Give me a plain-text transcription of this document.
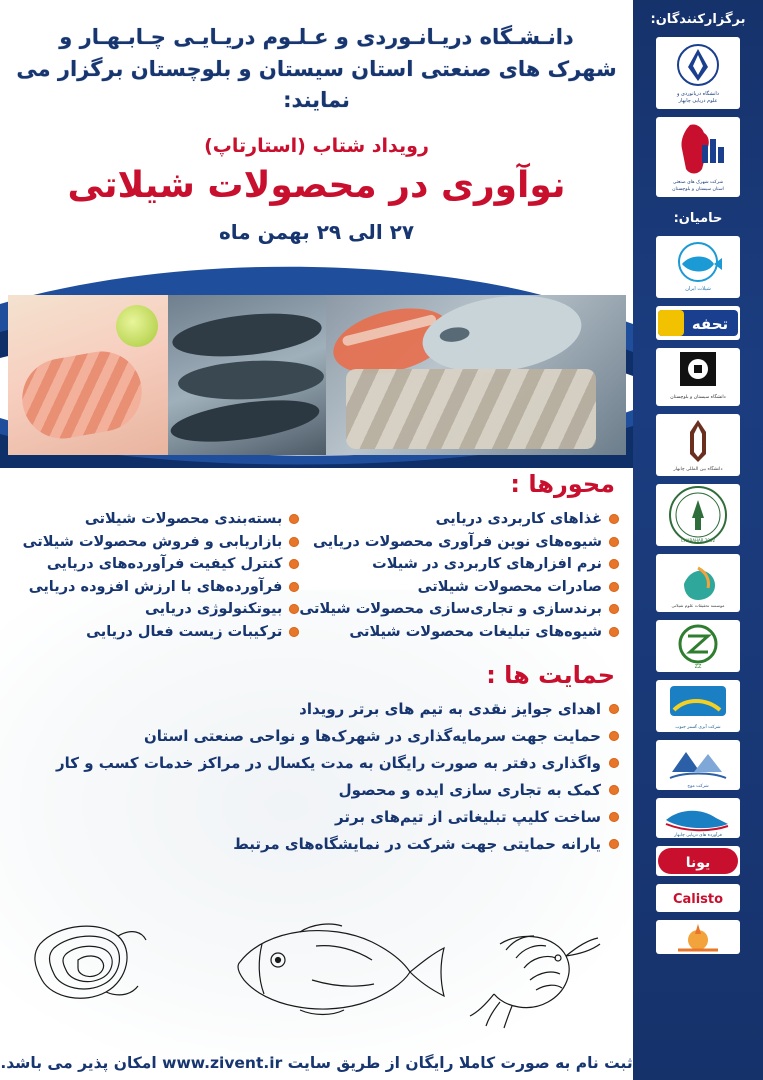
دانـشـگاه دریـانـوردی و عـلـوم دریـایـی چـابـهـار و
شهرک های صنعتی استان سیستان و بلوچستان برگزار می نمایند:
رویداد شتاب (استارتاپ)
نوآوری در محصولات شیلاتی
۲۷ الی ۲۹ بهمن ماه
محورها :
غذاهای کاربردی دریایی
شیوه‌های نوین فرآوری محصولات دریایی
نرم افزارهای کاربردی در شیلات
صادرات محصولات شیلاتی
برندسازی و تجاری‌سازی محصولات شیلاتی
شیوه‌های تبلیغات محصولات شیلاتی
بسته‌بندی محصولات شیلاتی
بازاریابی و فروش محصولات شیلاتی
کنترل کیفیت فرآورده‌های دریایی
فرآورده‌های با ارزش افزوده دریایی
بیوتکنولوژی دریایی
ترکیبات زیست فعال دریایی
حمایت ها :
اهدای جوایز نقدی به تیم های برتر رویداد
حمایت جهت سرمایه‌گذاری در شهرک‌ها و نواحی صنعتی استان
واگذاری دفتر به صورت رایگان به مدت یکسال در مراکز خدمات کسب و کار
کمک به تجاری سازی ایده و محصول
ساخت کلیپ تبلیغاتی از تیم‌های برتر
یارانه حمایتی جهت شرکت در نمایشگاه‌های مرتبط
ثبت نام به صورت کاملا رایگان از طریق سایت www.zivent.ir امکان پذیر می باشد.
برگزارکنندگان:
دانشگاه دریانوردی و
علوم دریایی چابهار
شرکت شهرک های صنعتی
استان سیستان و بلوچستان
حامیان:
شیلات ایران
تحفه
دانشگاه سیستان و بلوچستان
دانشگاه بین المللی چابهار
CHABAHAR 2002
موسسه تحقیقات علوم شیلاتی
ZZ
شرکت آبزی گستر جنوب
شرکت موج
فرآورده های دریایی چابهار
یونا
Calisto
